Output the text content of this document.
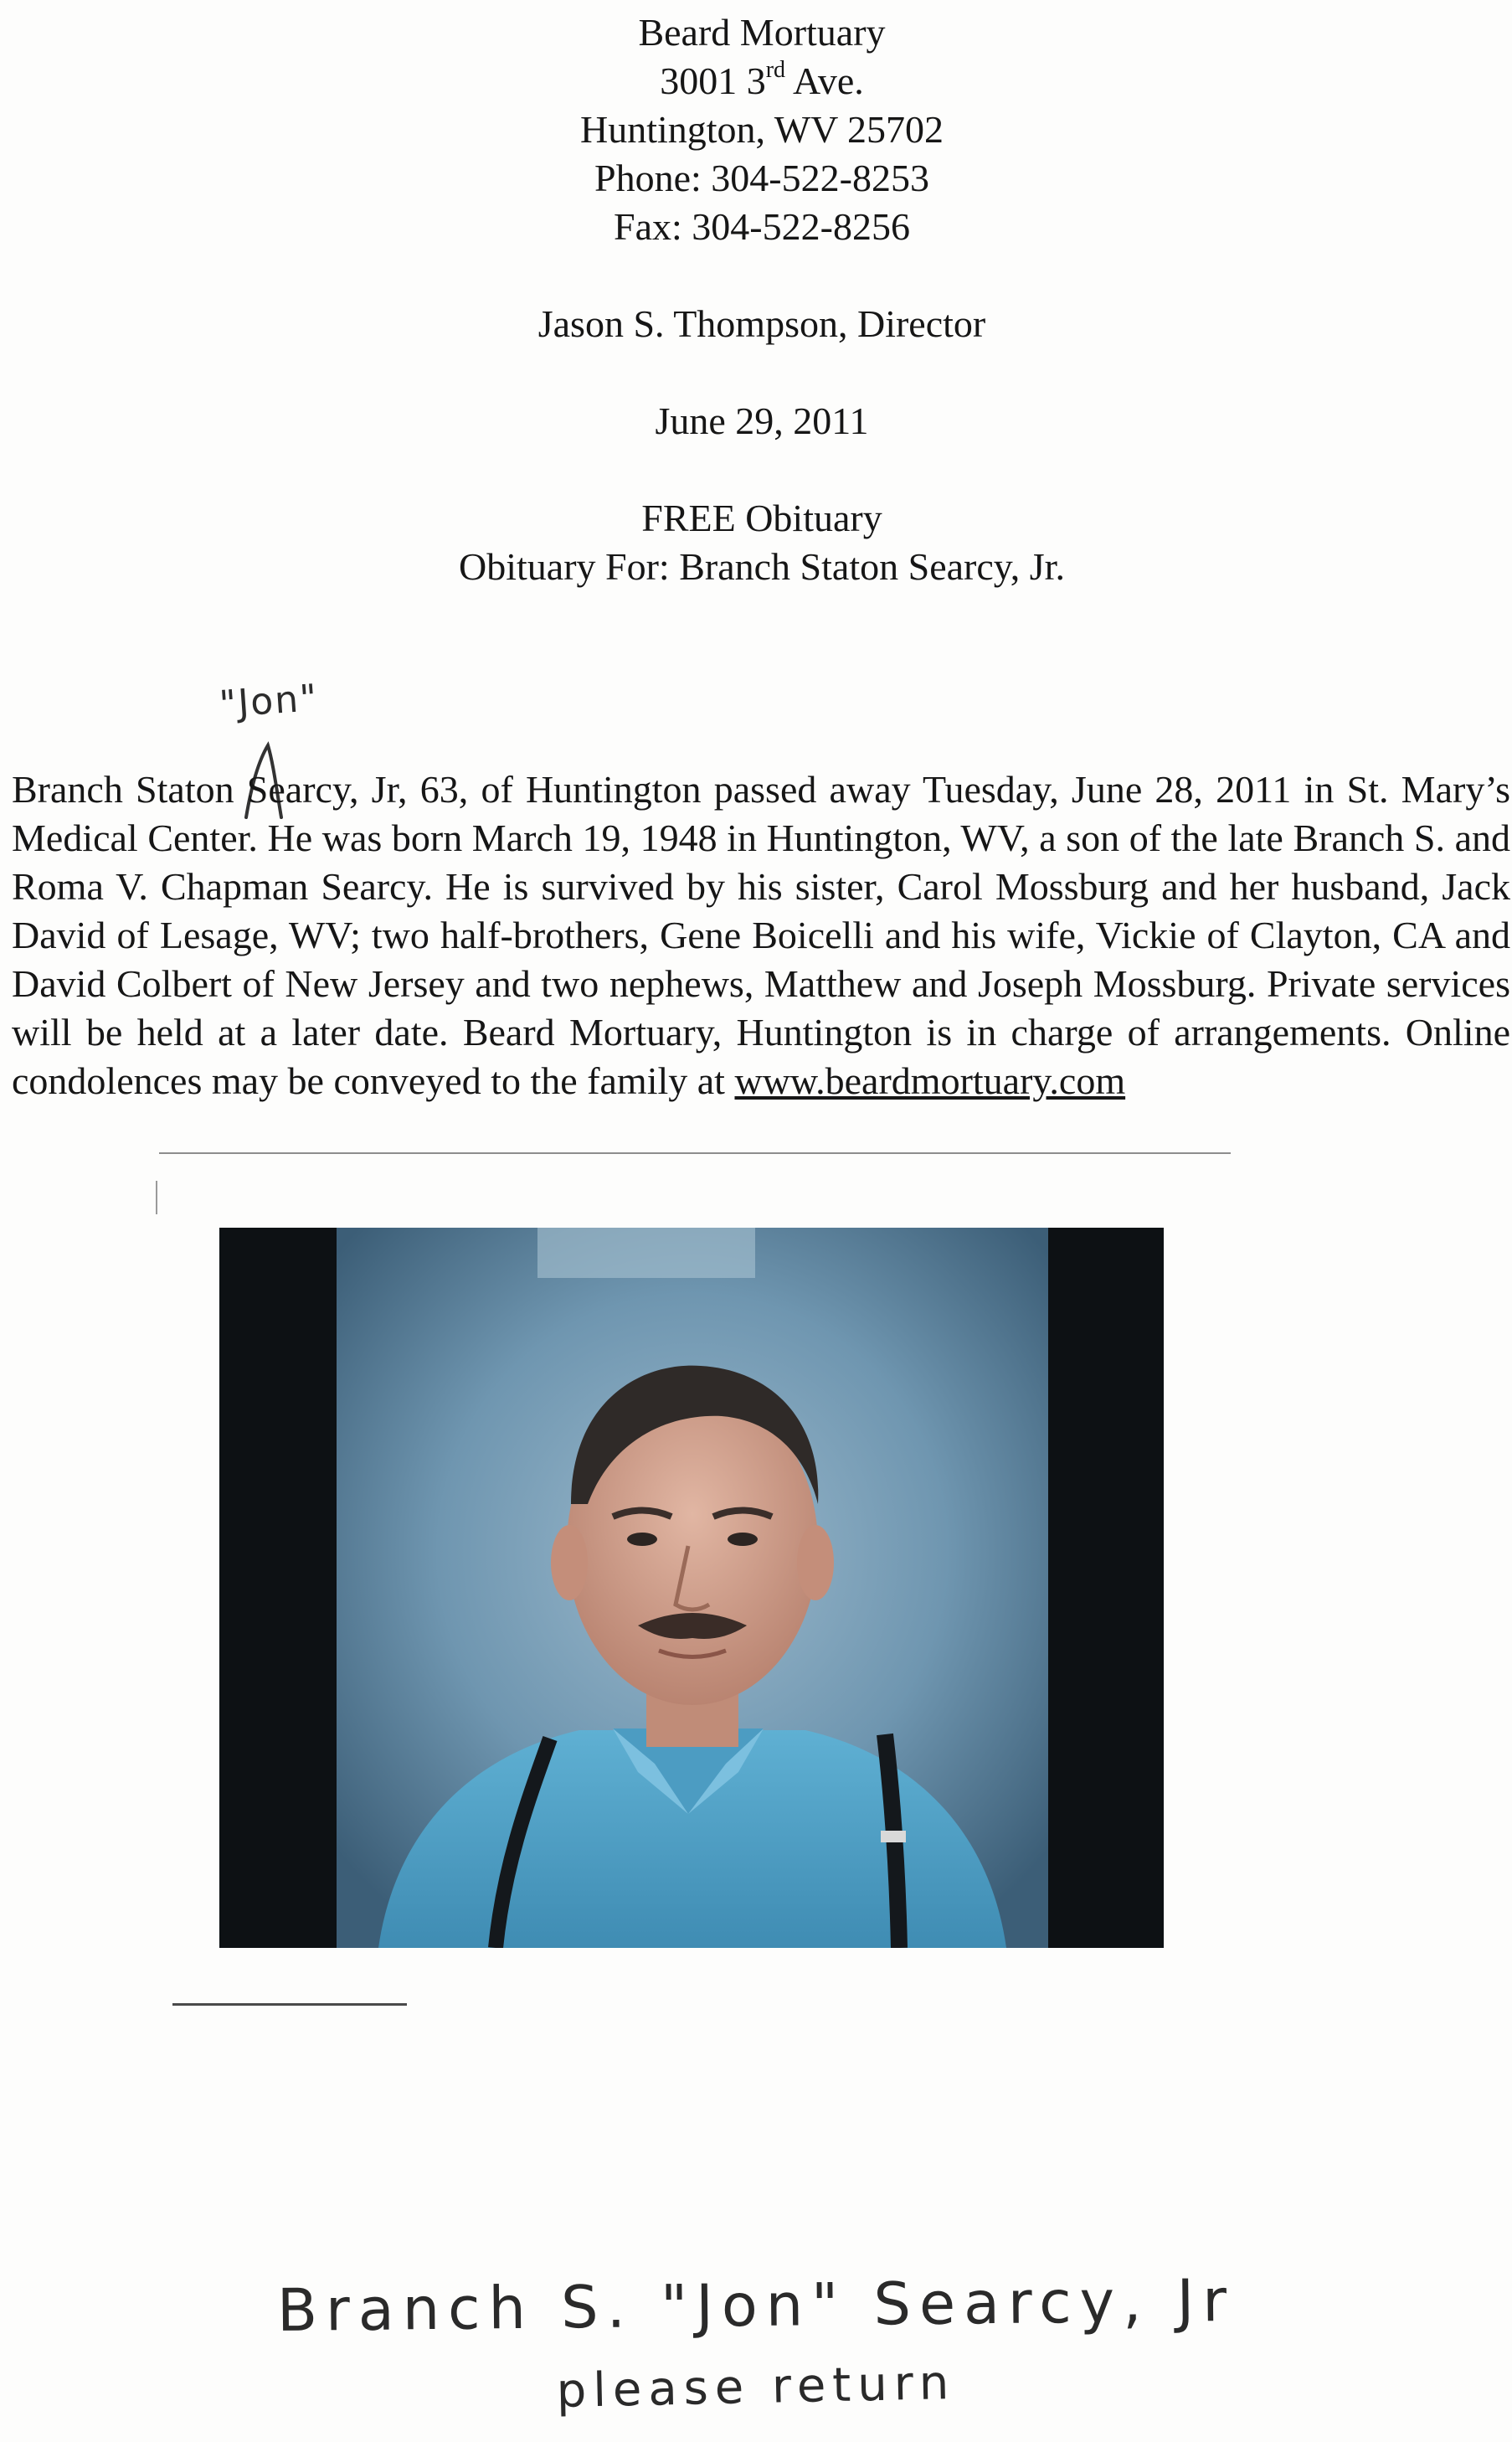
Beard Mortuary
3001 3rd Ave.
Huntington, WV 25702
Phone: 304-522-8253
Fax: 304-522-8256
Jason S. Thompson, Director
June 29, 2011
FREE Obituary
Obituary For: Branch Staton Searcy, Jr.
"Jon"

Branch Staton Searcy, Jr, 63, of Huntington passed away Tuesday, June 28, 2011 in St. Mary’s Medical Center. He was born March 19, 1948 in Huntington, WV, a son of the late Branch S. and Roma V. Chapman Searcy. He is survived by his sister, Carol Mossburg and her husband, Jack David of Lesage, WV; two half-brothers, Gene Boicelli and his wife, Vickie of Clayton, CA and David Colbert of New Jersey and two nephews, Matthew and Joseph Mossburg. Private services will be held at a later date. Beard Mortuary, Huntington is in charge of arrangements. Online condolences may be conveyed to the family at www.beardmortuary.com

Branch S. "Jon" Searcy, Jr
please return
